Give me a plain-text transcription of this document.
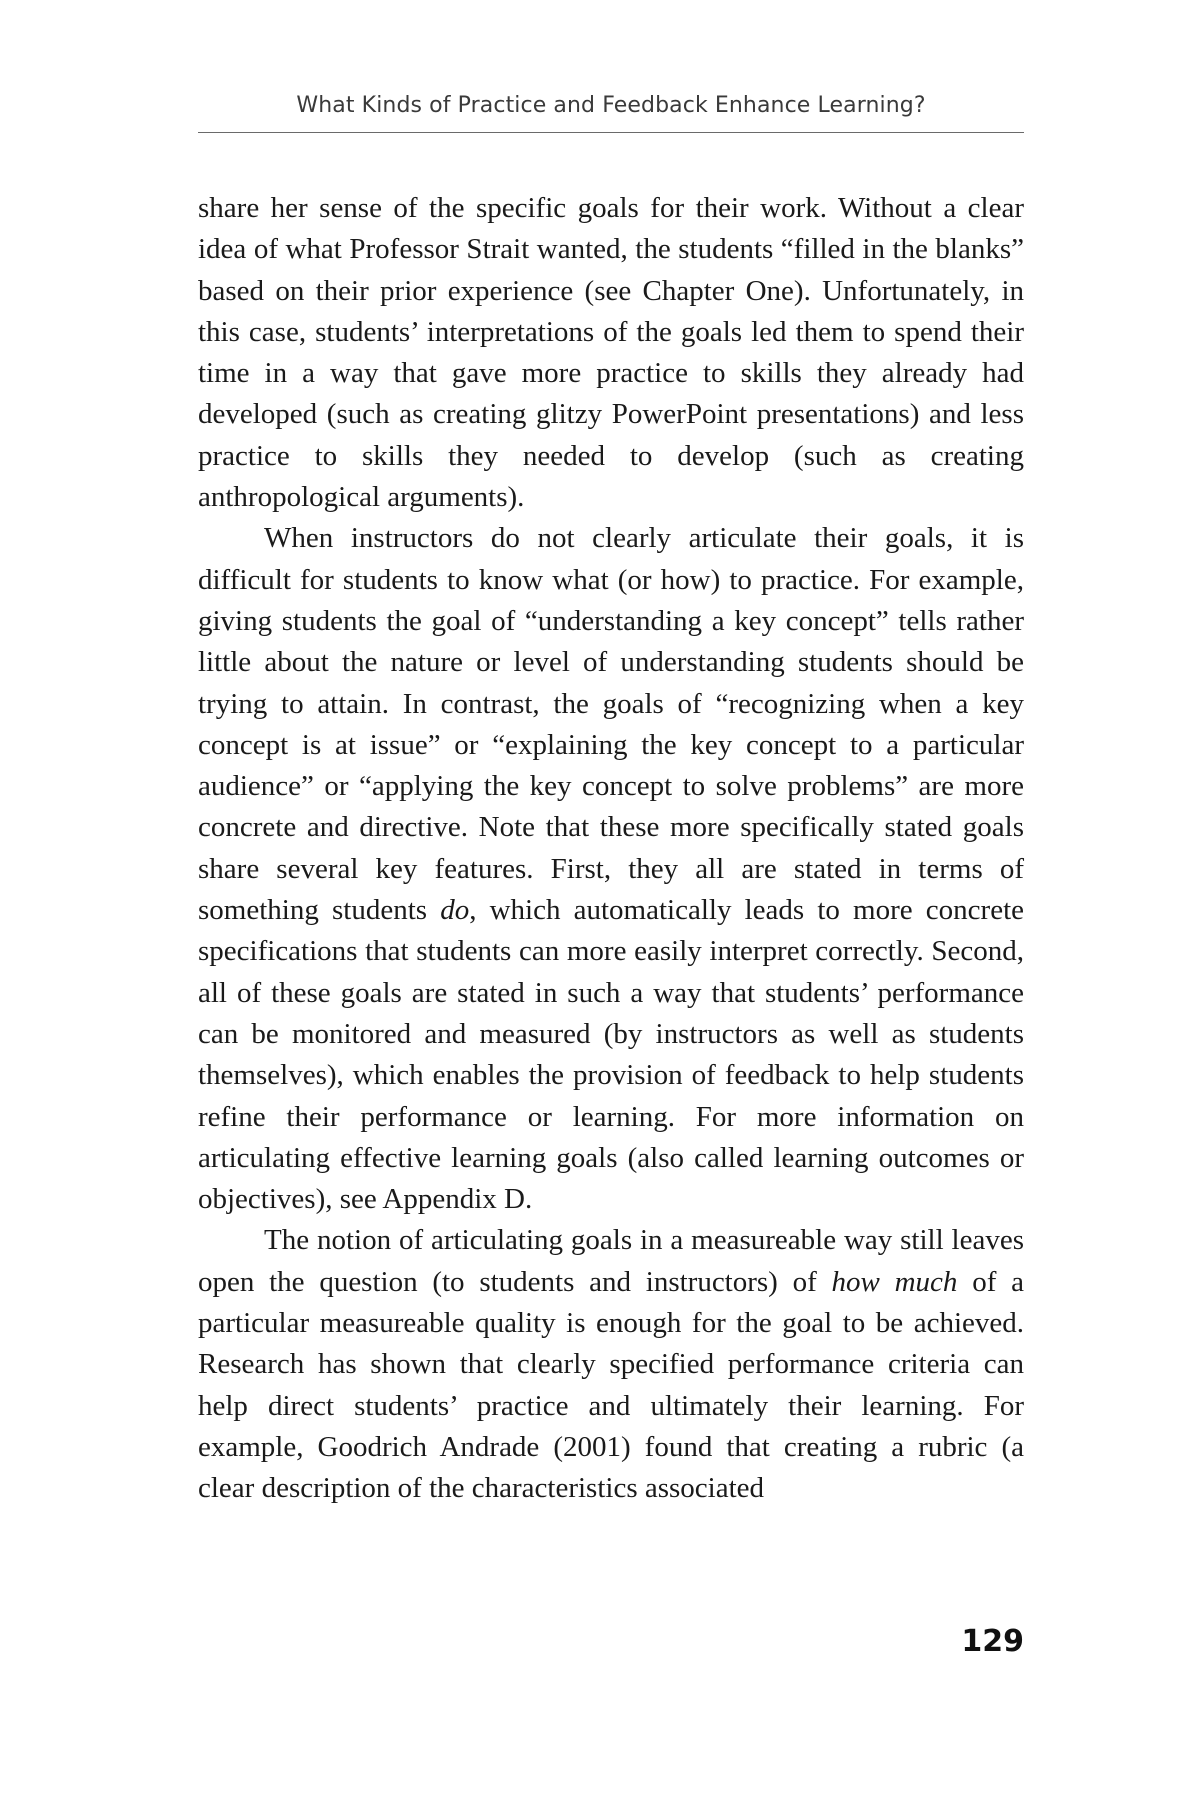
What Kinds of Practice and Feedback Enhance Learning?

share her sense of the specific goals for their work. Without a clear idea of what Professor Strait wanted, the students “filled in the blanks” based on their prior experience (see Chapter One). Unfortunately, in this case, students’ interpretations of the goals led them to spend their time in a way that gave more practice to skills they already had developed (such as creating glitzy PowerPoint presentations) and less practice to skills they needed to develop (such as creating anthropological arguments).

When instructors do not clearly articulate their goals, it is difficult for students to know what (or how) to practice. For example, giving students the goal of “understanding a key concept” tells rather little about the nature or level of understanding students should be trying to attain. In contrast, the goals of “recognizing when a key concept is at issue” or “explaining the key concept to a particular audience” or “applying the key concept to solve problems” are more concrete and directive. Note that these more specifically stated goals share several key features. First, they all are stated in terms of something students do, which automatically leads to more concrete specifications that students can more easily interpret correctly. Second, all of these goals are stated in such a way that students’ performance can be monitored and measured (by instructors as well as students themselves), which enables the provision of feedback to help students refine their performance or learning. For more information on articulating effective learning goals (also called learning outcomes or objectives), see Appendix D.

The notion of articulating goals in a measureable way still leaves open the question (to students and instructors) of how much of a particular measureable quality is enough for the goal to be achieved. Research has shown that clearly specified performance criteria can help direct students’ practice and ultimately their learning. For example, Goodrich Andrade (2001) found that creating a rubric (a clear description of the characteristics associated

129
